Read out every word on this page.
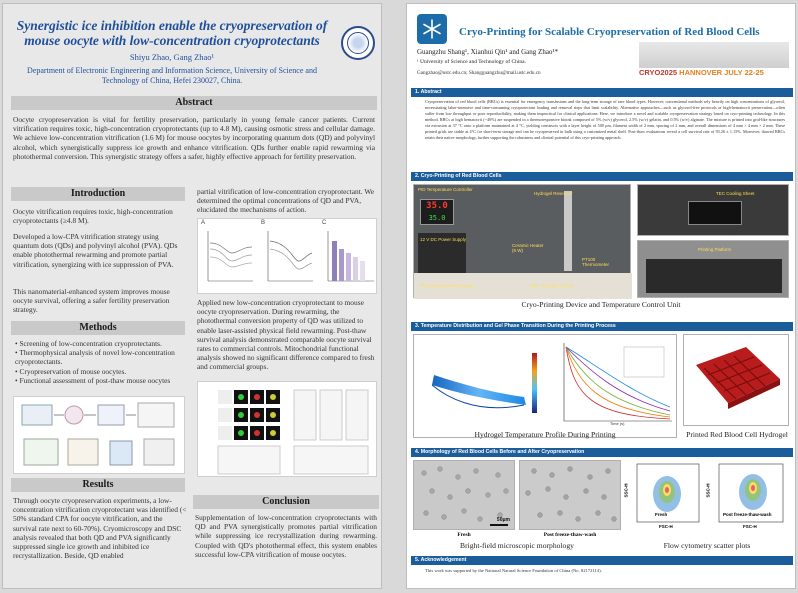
Synergistic ice inhibition enable the cryopreservation of mouse oocyte with low-concentration cryoprotectants
Shiyu Zhao, Gang Zhao¹
Department of Electronic Engineering and Information Science, University of Science and Technology of China, Hefei 230027, China.
Abstract
Oocyte cryopreservation is vital for fertility preservation, particularly in young female cancer patients. Current vitrification requires toxic, high-concentration cryoprotectants (up to 4.8 M), causing osmotic stress and cellular damage. We achieve low-concentration vitrification (1.6 M) for mouse oocytes by incorporating quantum dots (QD) and polyvinyl alcohol, which synergistically suppress ice growth and enhance vitrification. QDs further enable rapid rewarming via photothermal conversion. This synergistic strategy offers a safer, highly effective approach for fertility preservation.
Introduction
Oocyte vitrification requires toxic, high-concentration cryoprotectants (≥4.8 M).
Developed a low-CPA vitrification strategy using quantum dots (QDs) and polyvinyl alcohol (PVA). QDs enable photothermal rewarming and promote partial vitrification, synergizing with ice suppression of PVA.
This nanomaterial-enhanced system improves mouse oocyte survival, offering a safer fertility preservation strategy.
Methods
• Screening of low-concentration cryoprotectants.
• Thermophysical analysis of novel low-concentration cryoprotectants.
• Cryopreservation of mouse oocytes.
• Functional assessment of post-thaw mouse oocytes
Results
Through oocyte cryopreservation experiments, a low-concentration vitrification cryoprotectant was identified (< 50% standard CPA for oocyte vitrification, and the survival rate next to 60-70%). Cryomicroscopy and DSC analysis revealed that both QD and PVA significantly suppressed single ice growth and inhibited ice recrystallization. Beside, QD enabled
partial vitrification of low-concentration cryoprotectant. We determined the optimal concentrations of QD and PVA, elucidated the mechanisms of action.
A	B	C
Applied new low-concentration cryoprotectant to mouse oocyte cryopreservation. During rewarming, the photothermal conversion property of QD was utilized to enable laser-assisted physical field rewarming. Post-thaw survival analysis demonstrated comparable oocyte survival rates to commercial controls. Mitochondrial functional analysis showed no significant difference compared to fresh and commercial groups.
Conclusion
Supplementation of low-concentration cryoprotectants with QD and PVA synergistically promotes partial vitrification while suppressing ice recrystallization during rewarming. Coupled with QD's photothermal effect, this system enables successful low-CPA vitrification of mouse oocytes.
Cryo-Printing for Scalable Cryopreservation of Red Blood Cells
Guangzhu Shang¹, Xianhui Qin¹ and Gang Zhao¹*
¹ University of Science and Technology of China.
Gangzhao@ustc.edu.cn; Shangguangzhu@mail.ustc.edu.cn	CRYO2025 HANNOVER JULY 22-25
1. Abstract
Cryopreservation of red blood cells (RBCs) is essential for emergency transfusions and the long-term storage of rare blood types. However, conventional methods rely heavily on high concentrations of glycerol, necessitating labor-intensive and time-consuming cryoprotectant loading and removal steps that limit scalability. Alternative approaches—such as glycerol-free protocols or high-hematocrit preservation—often suffer from low throughput or poor reproducibility, making them impractical for clinical applications. Here, we introduce a novel and scalable cryopreservation strategy based on cryo-printing technology. In this method, RBCs at high hematocrit (~40%) are suspended in a thermoresponsive bioink composed of 5% (w/v) glycerol, 2.5% (w/v) gelatin, and 0.5% (w/v) alginate. The mixture is printed into grid-like structures via extrusion at 37 °C onto a platform maintained at 4 °C, yielding constructs with a layer height of 500 μm, filament width of 2 mm, spacing of 2 mm, and overall dimensions of 4 mm × 4 mm × 2 mm. These printed grids are stable at 4°C for short-term storage and can be cryopreserved in bulk using a customized metal shelf. Post-thaw evaluations reveal a cell survival rate of 93.26 ± 1.15%. Moreover, thawed RBCs retain their native morphology, further supporting the robustness and clinical potential of this cryo-printing approach.
2. Cryo-Printing of Red Blood Cells
35.0
35.0
PID Temperature Controller
Hydrogel Reservoir
12 V DC Power Supply
Ceramic Heater (5 W)
PT100 Thermometer
RBC Hydrogel Output
Thermal Insulation Sponge
TEC Cooling Sheet
Printing Platform
Cryo-Printing Device and Temperature Control Unit
3. Temperature Distribution and Gel Phase Transition During the Printing Process
Time (s)
Hydrogel Temperature Profile During Printing	Printed Red Blood Cell Hydrogel
4. Morphology of Red Blood Cells Before and After Cryopreservation
50μm
Fresh	Post freeze-thaw-wash
Bright-field microscopic morphology
Fresh
FSC-H
SSC-H
Post freeze-thaw-wash
FSC-H
SSC-H
Flow cytometry scatter plots
5. Acknowledgement
This work was supported by the National Natural Science Foundation of China (No. 82172114).
